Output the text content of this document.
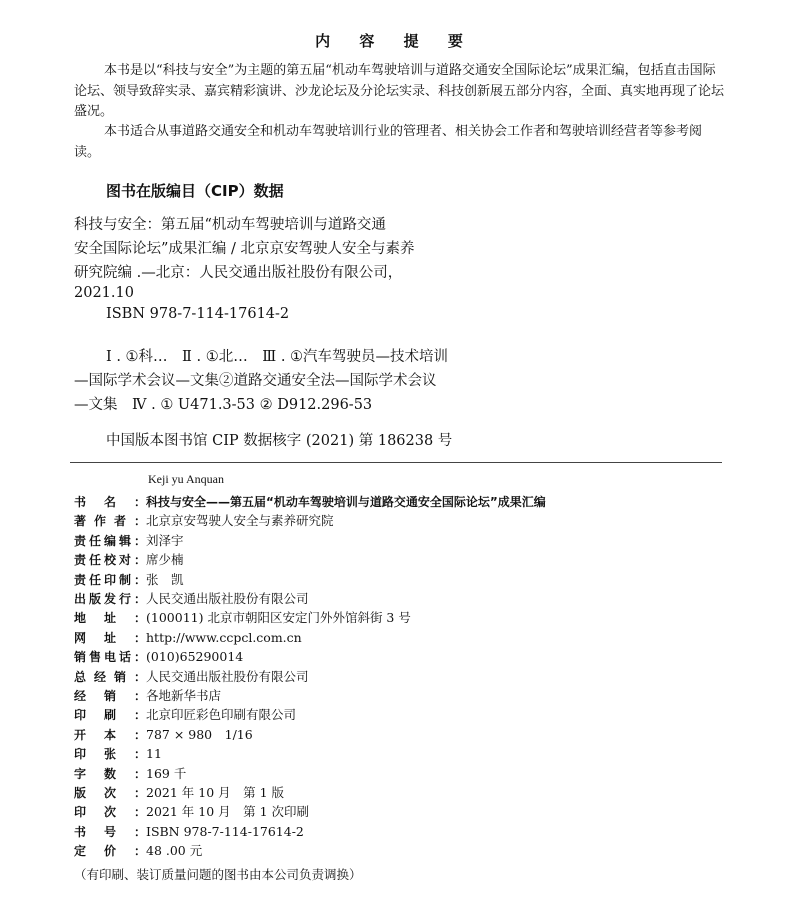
内 容 提 要
本书是以“科技与安全”为主题的第五届“机动车驾驶培训与道路交通安全国际论坛”成果汇编，包括直击国际论坛、领导致辞实录、嘉宾精彩演讲、沙龙论坛及分论坛实录、科技创新展五部分内容，全面、真实地再现了论坛盛况。
本书适合从事道路交通安全和机动车驾驶培训行业的管理者、相关协会工作者和驾驶培训经营者等参考阅读。
图书在版编目（CIP）数据
科技与安全：第五届“机动车驾驶培训与道路交通
安全国际论坛”成果汇编 / 北京京安驾驶人安全与素养
研究院编 .—北京：人民交通出版社股份有限公司，
2021.10
ISBN 978-7-114-17614-2
Ⅰ . ①科…　Ⅱ . ①北…　Ⅲ . ①汽车驾驶员—技术培训
—国际学术会议—文集②道路交通安全法—国际学术会议
—文集　Ⅳ . ① U471.3-53 ② D912.296-53
中国版本图书馆 CIP 数据核字 (2021) 第 186238 号
Keji yu Anquan
书名：科技与安全——第五届“机动车驾驶培训与道路交通安全国际论坛”成果汇编
著作者：北京京安驾驶人安全与素养研究院
责任编辑：刘泽宇
责任校对：席少楠
责任印制：张　凯
出版发行：人民交通出版社股份有限公司
地址：(100011) 北京市朝阳区安定门外外馆斜街 3 号
网址：http://www.ccpcl.com.cn
销售电话：(010)65290014
总经销：人民交通出版社股份有限公司
经销：各地新华书店
印刷：北京印匠彩色印刷有限公司
开本：787 × 980　1/16
印张：11
字数：169 千
版次：2021 年 10 月　第 1 版
印次：2021 年 10 月　第 1 次印刷
书号：ISBN 978-7-114-17614-2
定价：48 .00 元
（有印刷、装订质量问题的图书由本公司负责调换）
